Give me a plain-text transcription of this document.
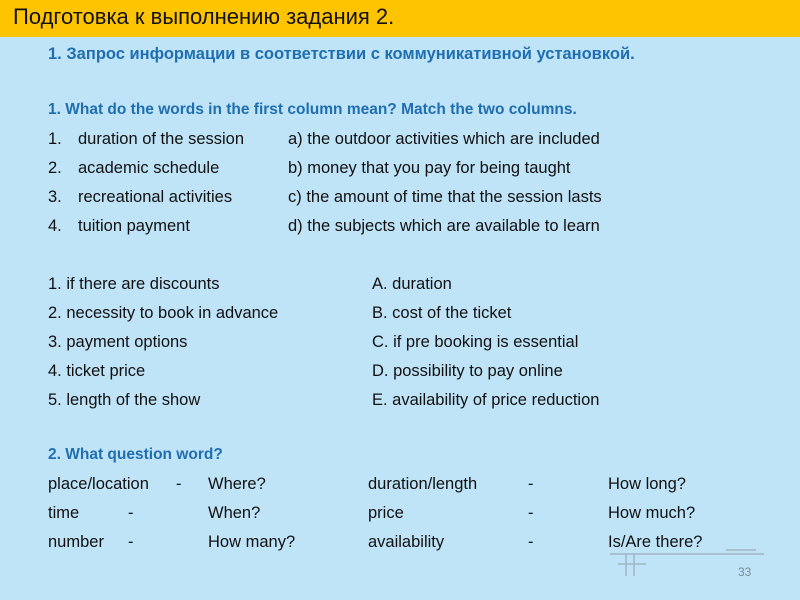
Подготовка к выполнению задания 2.
1. Запрос информации в соответствии с коммуникативной установкой.
1. What do the words in the first column mean? Match the two columns.
1. duration of the session	a) the outdoor activities which are included
2. academic schedule	b) money that you pay for being taught
3. recreational activities	c) the amount of time that the session lasts
4. tuition payment	d) the subjects which are available to learn
1. if there are discounts	A. duration
2. necessity to book in advance	B. cost of the ticket
3. payment options	C. if pre booking is essential
4. ticket price	D. possibility to pay online
5. length of the show	E. availability of price reduction
2. What question word?
place/location - Where?	duration/length	-	How long?
time	-	When?	price	-	How much?
number -	How many?	availability	-	Is/Are there?
33
